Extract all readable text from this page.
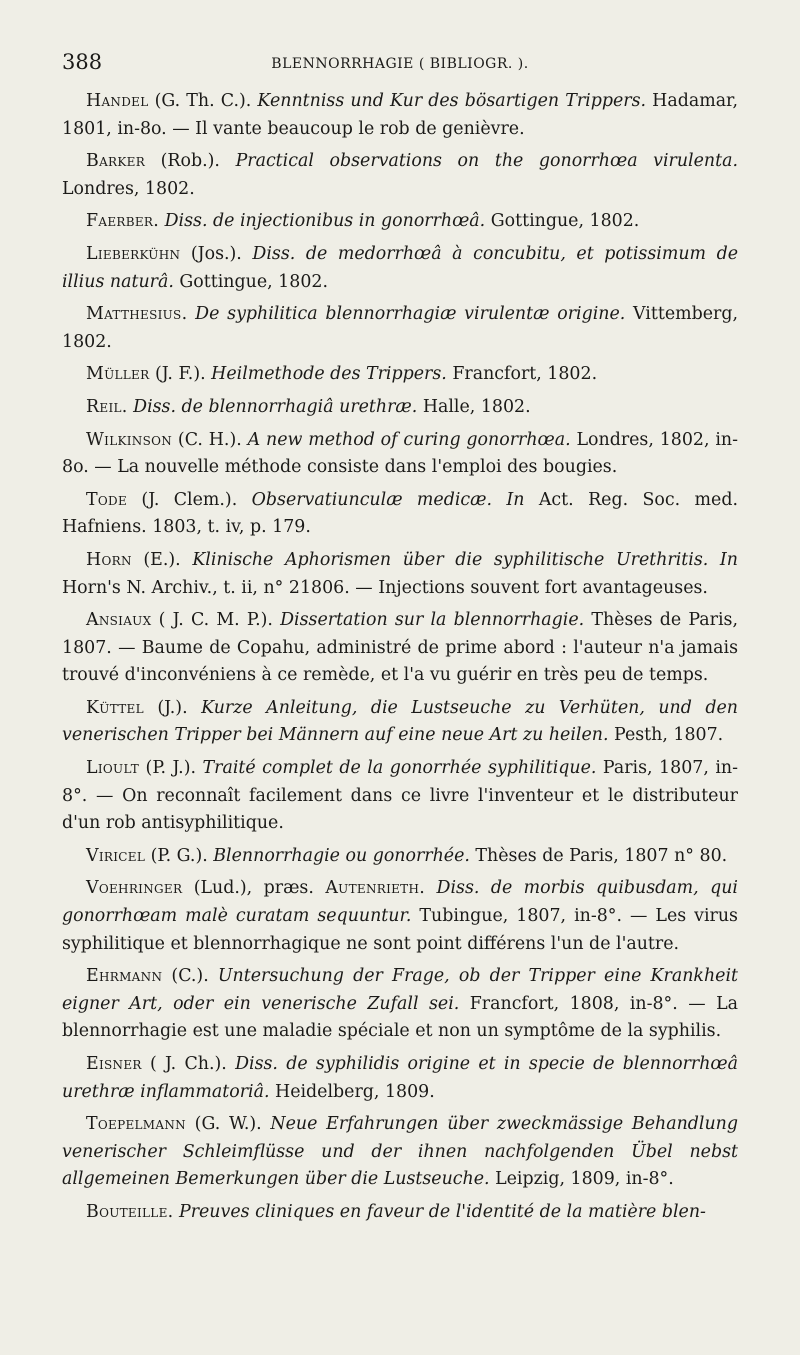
388	BLENNORRHAGIE ( BIBLIOGR. ).

Handel (G. Th. C.). Kenntniss und Kur des bösartigen Trippers. Hadamar, 1801, in-8o. — Il vante beaucoup le rob de genièvre.

Barker (Rob.). Practical observations on the gonorrhœa virulenta. Londres, 1802.

Faerber. Diss. de injectionibus in gonorrhœâ. Gottingue, 1802.

Lieberkühn (Jos.). Diss. de medorrhœâ à concubitu, et potissimum de illius naturâ. Gottingue, 1802.

Matthesius. De syphilitica blennorrhagiæ virulentæ origine. Vittemberg, 1802.

Müller (J. F.). Heilmethode des Trippers. Francfort, 1802.

Reil. Diss. de blennorrhagiâ urethræ. Halle, 1802.

Wilkinson (C. H.). A new method of curing gonorrhœa. Londres, 1802, in-8o. — La nouvelle méthode consiste dans l'emploi des bougies.

Tode (J. Clem.). Observatiunculæ medicæ. In Act. Reg. Soc. med. Hafniens. 1803, t. iv, p. 179.

Horn (E.). Klinische Aphorismen über die syphilitische Urethritis. In Horn's N. Archiv., t. ii, n° 21806. — Injections souvent fort avantageuses.

Ansiaux ( J. C. M. P.). Dissertation sur la blennorrhagie. Thèses de Paris, 1807. — Baume de Copahu, administré de prime abord : l'auteur n'a jamais trouvé d'inconvéniens à ce remède, et l'a vu guérir en très peu de temps.

Küttel (J.). Kurze Anleitung, die Lustseuche zu Verhüten, und den venerischen Tripper bei Männern auf eine neue Art zu heilen. Pesth, 1807.

Lioult (P. J.). Traité complet de la gonorrhée syphilitique. Paris, 1807, in-8°. — On reconnaît facilement dans ce livre l'inventeur et le distributeur d'un rob antisyphilitique.

Viricel (P. G.). Blennorrhagie ou gonorrhée. Thèses de Paris, 1807 n° 80.

Voehringer (Lud.), præs. Autenrieth. Diss. de morbis quibusdam, qui gonorrhœam malè curatam sequuntur. Tubingue, 1807, in-8°. — Les virus syphilitique et blennorrhagique ne sont point différens l'un de l'autre.

Ehrmann (C.). Untersuchung der Frage, ob der Tripper eine Krankheit eigner Art, oder ein venerische Zufall sei. Francfort, 1808, in-8°. — La blennorrhagie est une maladie spéciale et non un symptôme de la syphilis.

Eisner ( J. Ch.). Diss. de syphilidis origine et in specie de blennorrhœâ urethræ inflammatoriâ. Heidelberg, 1809.

Toepelmann (G. W.). Neue Erfahrungen über zweckmässige Behandlung venerischer Schleimflüsse und der ihnen nachfolgenden Übel nebst allgemeinen Bemerkungen über die Lustseuche. Leipzig, 1809, in-8°.

Bouteille. Preuves cliniques en faveur de l'identité de la matière blen-
